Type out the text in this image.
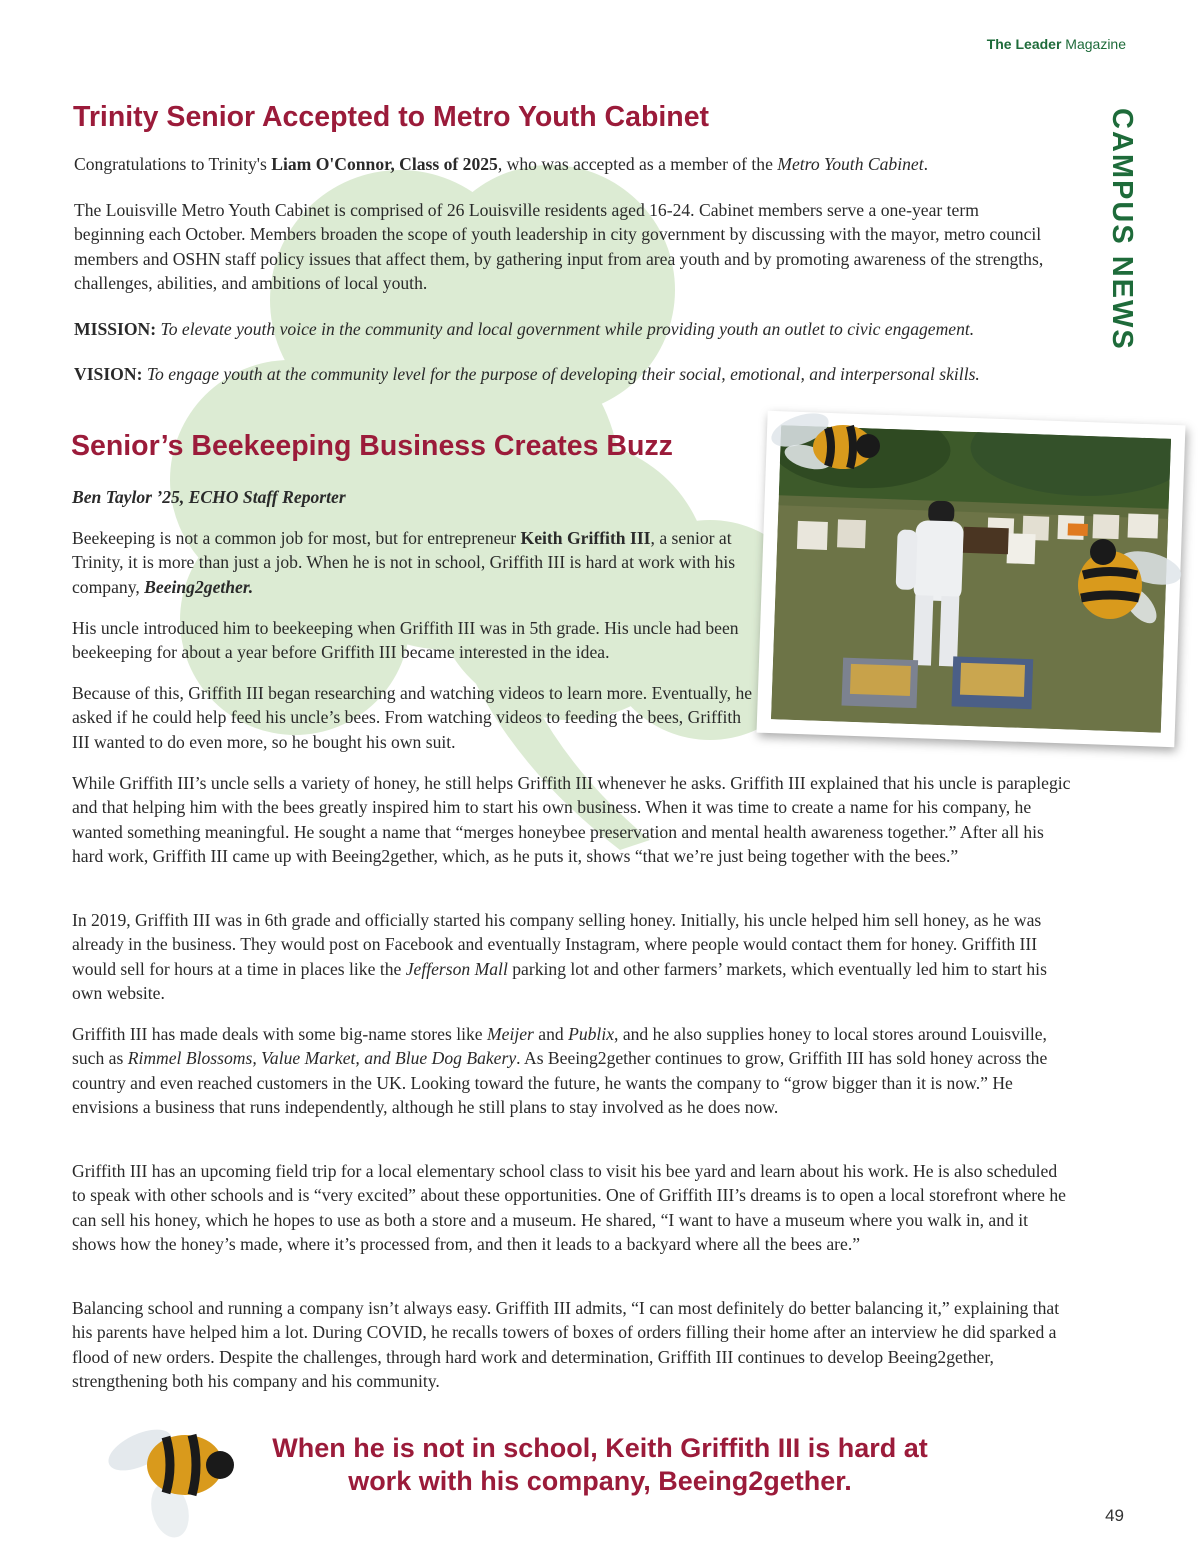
The Leader Magazine
CAMPUS NEWS
Trinity Senior Accepted to Metro Youth Cabinet

Congratulations to Trinity's Liam O'Connor, Class of 2025, who was accepted as a member of the Metro Youth Cabinet.

The Louisville Metro Youth Cabinet is comprised of 26 Louisville residents aged 16-24. Cabinet members serve a one-year term beginning each October. Members broaden the scope of youth leadership in city government by discussing with the mayor, metro council members and OSHN staff policy issues that affect them, by gathering input from area youth and by promoting awareness of the strengths, challenges, abilities, and ambitions of local youth.

MISSION: To elevate youth voice in the community and local government while providing youth an outlet to civic engagement.

VISION: To engage youth at the community level for the purpose of developing their social, emotional, and interpersonal skills.

Senior’s Beekeeping Business Creates Buzz

Ben Taylor ’25, ECHO Staff Reporter

Beekeeping is not a common job for most, but for entrepreneur Keith Griffith III, a senior at Trinity, it is more than just a job. When he is not in school, Griffith III is hard at work with his company, Beeing2gether.

His uncle introduced him to beekeeping when Griffith III was in 5th grade. His uncle had been beekeeping for about a year before Griffith III became interested in the idea.

Because of this, Griffith III began researching and watching videos to learn more. Eventually, he asked if he could help feed his uncle’s bees. From watching videos to feeding the bees, Griffith III wanted to do even more, so he bought his own suit.

While Griffith III’s uncle sells a variety of honey, he still helps Griffith III whenever he asks. Griffith III explained that his uncle is paraplegic and that helping him with the bees greatly inspired him to start his own business. When it was time to create a name for his company, he wanted something meaningful. He sought a name that “merges honeybee preservation and mental health awareness together.” After all his hard work, Griffith III came up with Beeing2gether, which, as he puts it, shows “that we’re just being together with the bees.”

In 2019, Griffith III was in 6th grade and officially started his company selling honey. Initially, his uncle helped him sell honey, as he was already in the business. They would post on Facebook and eventually Instagram, where people would contact them for honey. Griffith III would sell for hours at a time in places like the Jefferson Mall parking lot and other farmers’ markets, which eventually led him to start his own website.

Griffith III has made deals with some big-name stores like Meijer and Publix, and he also supplies honey to local stores around Louisville, such as Rimmel Blossoms, Value Market, and Blue Dog Bakery. As Beeing2gether continues to grow, Griffith III has sold honey across the country and even reached customers in the UK. Looking toward the future, he wants the company to “grow bigger than it is now.” He envisions a business that runs independently, although he still plans to stay involved as he does now.

Griffith III has an upcoming field trip for a local elementary school class to visit his bee yard and learn about his work. He is also scheduled to speak with other schools and is “very excited” about these opportunities. One of Griffith III’s dreams is to open a local storefront where he can sell his honey, which he hopes to use as both a store and a museum. He shared, “I want to have a museum where you walk in, and it shows how the honey’s made, where it’s processed from, and then it leads to a backyard where all the bees are.”

Balancing school and running a company isn’t always easy. Griffith III admits, “I can most definitely do better balancing it,” explaining that his parents have helped him a lot. During COVID, he recalls towers of boxes of orders filling their home after an interview he did sparked a flood of new orders. Despite the challenges, through hard work and determination, Griffith III continues to develop Beeing2gether, strengthening both his company and his community.

When he is not in school, Keith Griffith III is hard at
work with his company, Beeing2gether.

49
